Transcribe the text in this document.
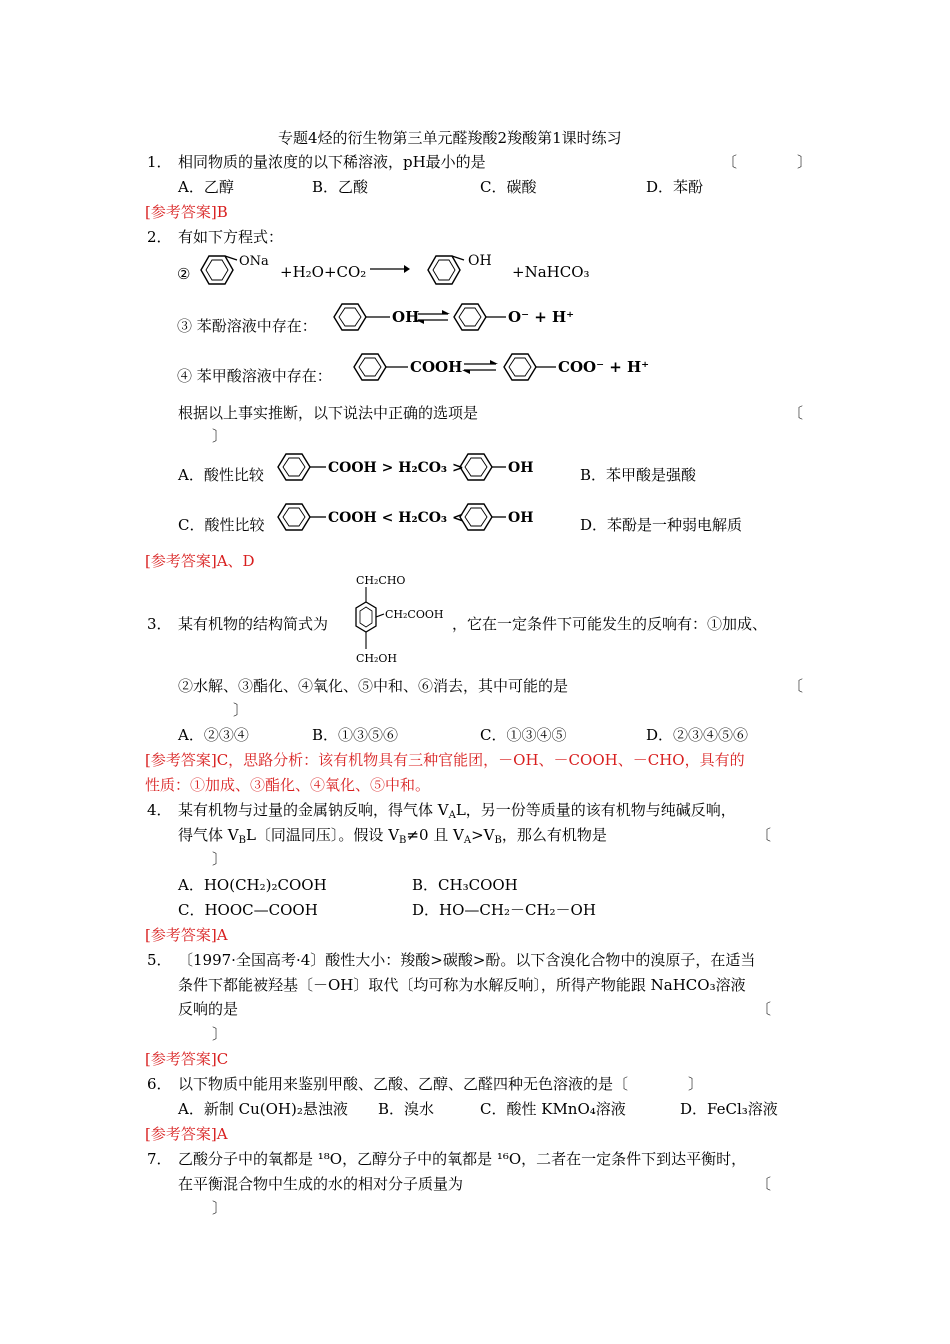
专题4烃的衍生物第三单元醛羧酸2羧酸第1课时练习
1． 相同物质的量浓度的以下稀溶液，pH最小的是	〔　　　　〕
A．乙醇	B．乙酸	C．碳酸	D．苯酚
[参考答案]B
2． 有如下方程式：
②
ONa
+H₂O+CO₂ →	OH
+NaHCO₃
③ 苯酚溶液中存在：	OH	O⁻ + H⁺
④ 苯甲酸溶液中存在：	COOH	COO⁻ + H⁺
根据以上事实推断，以下说法中正确的选项是	〔
〕
A．酸性比较	COOH > H₂CO₃ >	OH	B．苯甲酸是强酸
C．酸性比较	COOH < H₂CO₃ <	OH	D．苯酚是一种弱电解质
[参考答案]A、D
3． 某有机物的结构简式为
CH₂CHO
CH₂COOH
CH₂OH
，它在一定条件下可能发生的反响有：①加成、
②水解、③酯化、④氧化、⑤中和、⑥消去，其中可能的是	〔
〕
A．②③④	B．①③⑤⑥	C．①③④⑤	D．②③④⑤⑥
[参考答案]C，思路分析：该有机物具有三种官能团，－OH、－COOH、－CHO，具有的
性质：①加成、③酯化、④氧化、⑤中和。
4． 某有机物与过量的金属钠反响，得气体 $V_AL$，另一份等质量的该有机物与纯碱反响，
得气体 $V_BL$〔同温同压〕。假设 $V_B\ne 0$ 且 $V_A>V_B$，那么有机物是	〔
〕
A．HO(CH₂)₂COOH	B．CH₃COOH
C．HOOC—COOH	D．HO—CH₂－CH₂－OH
[参考答案]A
5． 〔1997·全国高考·4〕酸性大小：羧酸>碳酸>酚。以下含溴化合物中的溴原子，在适当
条件下都能被羟基〔－OH〕取代〔均可称为水解反响〕，所得产物能跟 NaHCO₃溶液
反响的是	〔
〕
[参考答案]C
6． 以下物质中能用来鉴别甲酸、乙酸、乙醇、乙醛四种无色溶液的是〔　　　　〕
A．新制 Cu(OH)₂悬浊液 B．溴水	C．酸性 KMnO₄溶液	D．FeCl₃溶液
[参考答案]A
7． 乙酸分子中的氧都是 ¹⁸O，乙醇分子中的氧都是 ¹⁶O，二者在一定条件下到达平衡时，
在平衡混合物中生成的水的相对分子质量为	〔
〕
